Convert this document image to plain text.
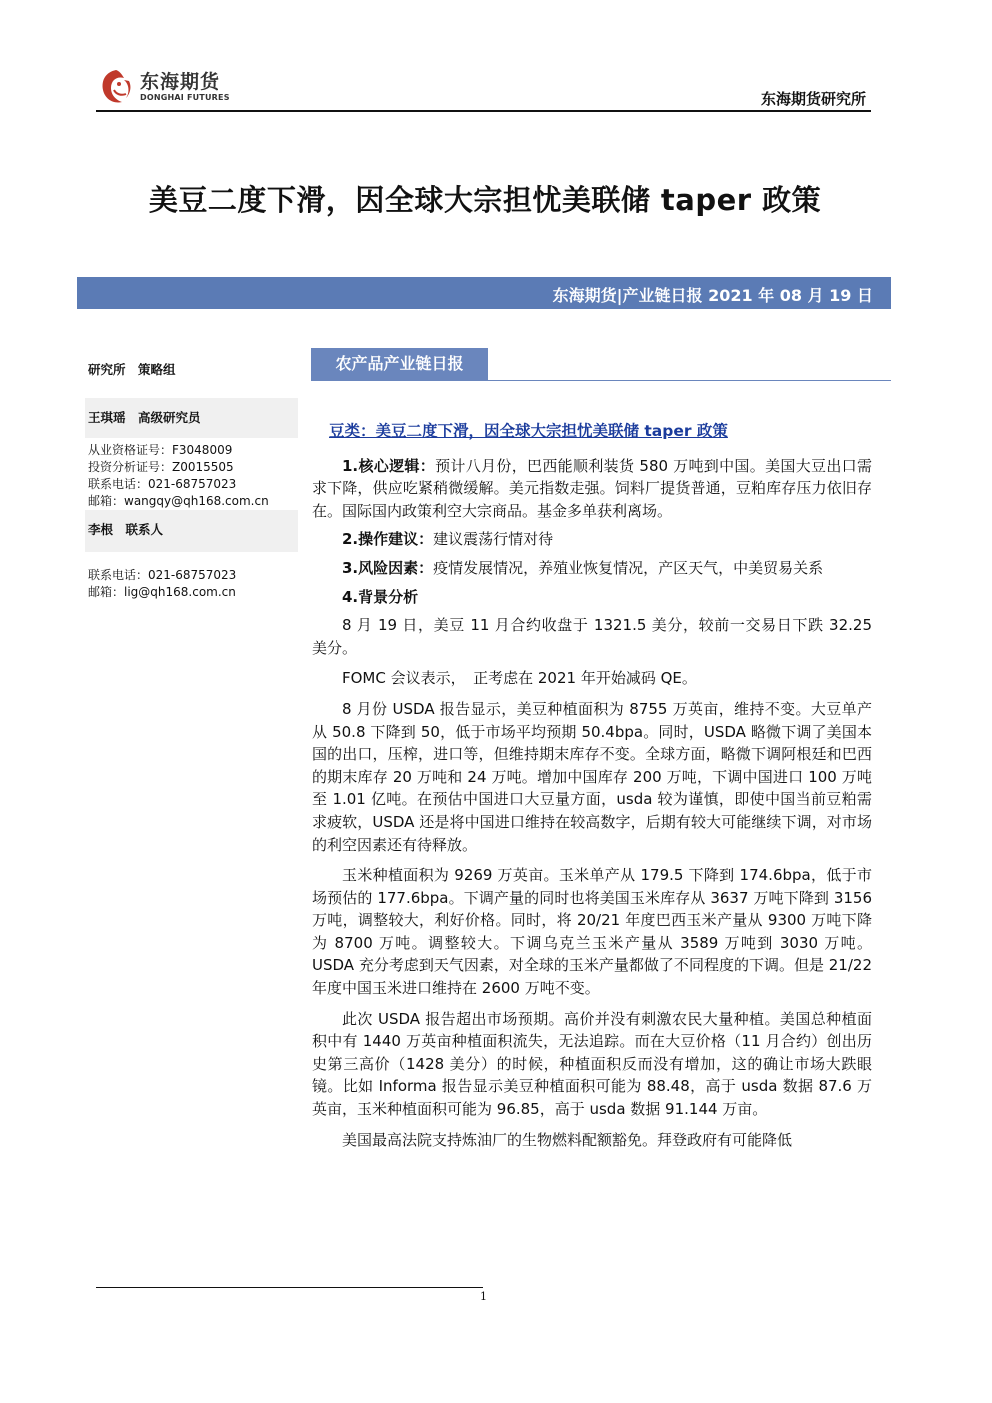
东海期货
DONGHAI FUTURES	东海期货研究所
美豆二度下滑，因全球大宗担忧美联储 taper 政策
东海期货|产业链日报 2021 年 08 月 19 日
研究所　策略组
王琪瑶　高级研究员
从业资格证号：F3048009
投资分析证号：Z0015505
联系电话：021-68757023
邮箱：wangqy@qh168.com.cn
李根　联系人
联系电话：021-68757023
邮箱：lig@qh168.com.cn
农产品产业链日报
豆类：美豆二度下滑，因全球大宗担忧美联储 taper 政策

1.核心逻辑：预计八月份，巴西能顺利装货 580 万吨到中国。美国大豆出口需求下降，供应吃紧稍微缓解。美元指数走强。饲料厂提货普通，豆粕库存压力依旧存在。国际国内政策利空大宗商品。基金多单获利离场。

2.操作建议：建议震荡行情对待

3.风险因素：疫情发展情况，养殖业恢复情况，产区天气，中美贸易关系

4.背景分析

8 月 19 日，美豆 11 月合约收盘于 1321.5 美分，较前一交易日下跌 32.25 美分。

FOMC 会议表示，　正考虑在 2021 年开始减码 QE。

8 月份 USDA 报告显示，美豆种植面积为 8755 万英亩，维持不变。大豆单产从 50.8 下降到 50，低于市场平均预期 50.4bpa。同时，USDA 略微下调了美国本国的出口，压榨，进口等，但维持期末库存不变。全球方面，略微下调阿根廷和巴西的期末库存 20 万吨和 24 万吨。增加中国库存 200 万吨，下调中国进口 100 万吨至 1.01 亿吨。在预估中国进口大豆量方面，usda 较为谨慎，即使中国当前豆粕需求疲软，USDA 还是将中国进口维持在较高数字，后期有较大可能继续下调，对市场的利空因素还有待释放。

玉米种植面积为 9269 万英亩。玉米单产从 179.5 下降到 174.6bpa，低于市场预估的 177.6bpa。下调产量的同时也将美国玉米库存从 3637 万吨下降到 3156 万吨，调整较大，利好价格。同时，将 20/21 年度巴西玉米产量从 9300 万吨下降为 8700 万吨。调整较大。下调乌克兰玉米产量从 3589 万吨到 3030 万吨。USDA 充分考虑到天气因素，对全球的玉米产量都做了不同程度的下调。但是 21/22 年度中国玉米进口维持在 2600 万吨不变。

此次 USDA 报告超出市场预期。高价并没有刺激农民大量种植。美国总种植面积中有 1440 万英亩种植面积流失，无法追踪。而在大豆价格（11 月合约）创出历史第三高价（1428 美分）的时候，种植面积反而没有增加，这的确让市场大跌眼镜。比如 Informa 报告显示美豆种植面积可能为 88.48，高于 usda 数据 87.6 万英亩，玉米种植面积可能为 96.85，高于 usda 数据 91.144 万亩。

美国最高法院支持炼油厂的生物燃料配额豁免。拜登政府有可能降低

1
